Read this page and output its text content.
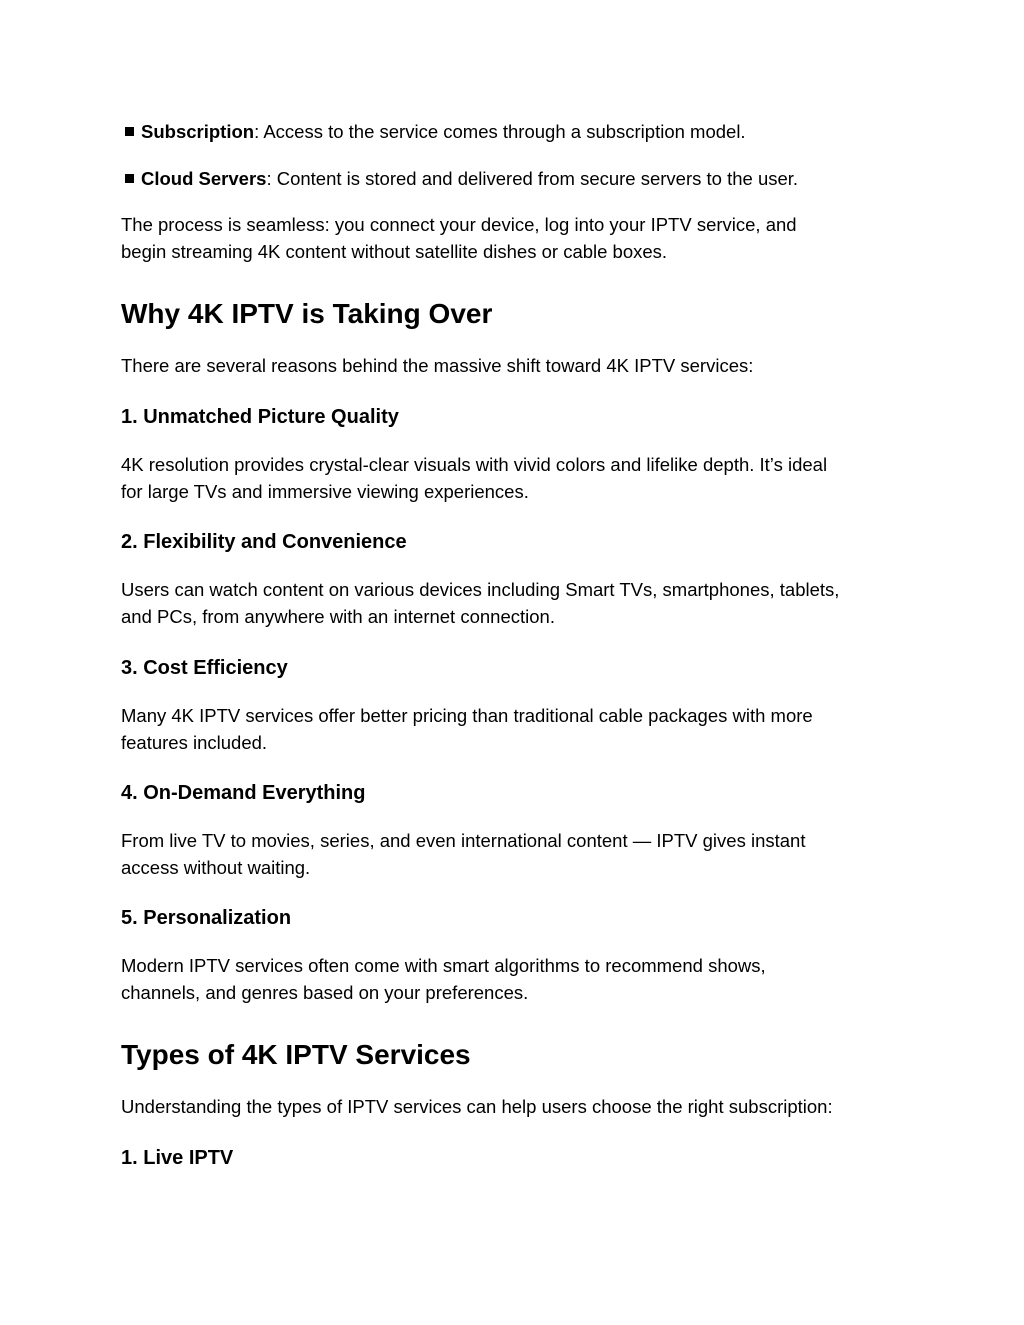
Subscription: Access to the service comes through a subscription model.
Cloud Servers: Content is stored and delivered from secure servers to the user.

The process is seamless: you connect your device, log into your IPTV service, and
begin streaming 4K content without satellite dishes or cable boxes.

Why 4K IPTV is Taking Over

There are several reasons behind the massive shift toward 4K IPTV services:

1. Unmatched Picture Quality

4K resolution provides crystal-clear visuals with vivid colors and lifelike depth. It’s ideal
for large TVs and immersive viewing experiences.

2. Flexibility and Convenience

Users can watch content on various devices including Smart TVs, smartphones, tablets,
and PCs, from anywhere with an internet connection.

3. Cost Efficiency

Many 4K IPTV services offer better pricing than traditional cable packages with more
features included.

4. On-Demand Everything

From live TV to movies, series, and even international content — IPTV gives instant
access without waiting.

5. Personalization

Modern IPTV services often come with smart algorithms to recommend shows,
channels, and genres based on your preferences.

Types of 4K IPTV Services

Understanding the types of IPTV services can help users choose the right subscription:

1. Live IPTV
